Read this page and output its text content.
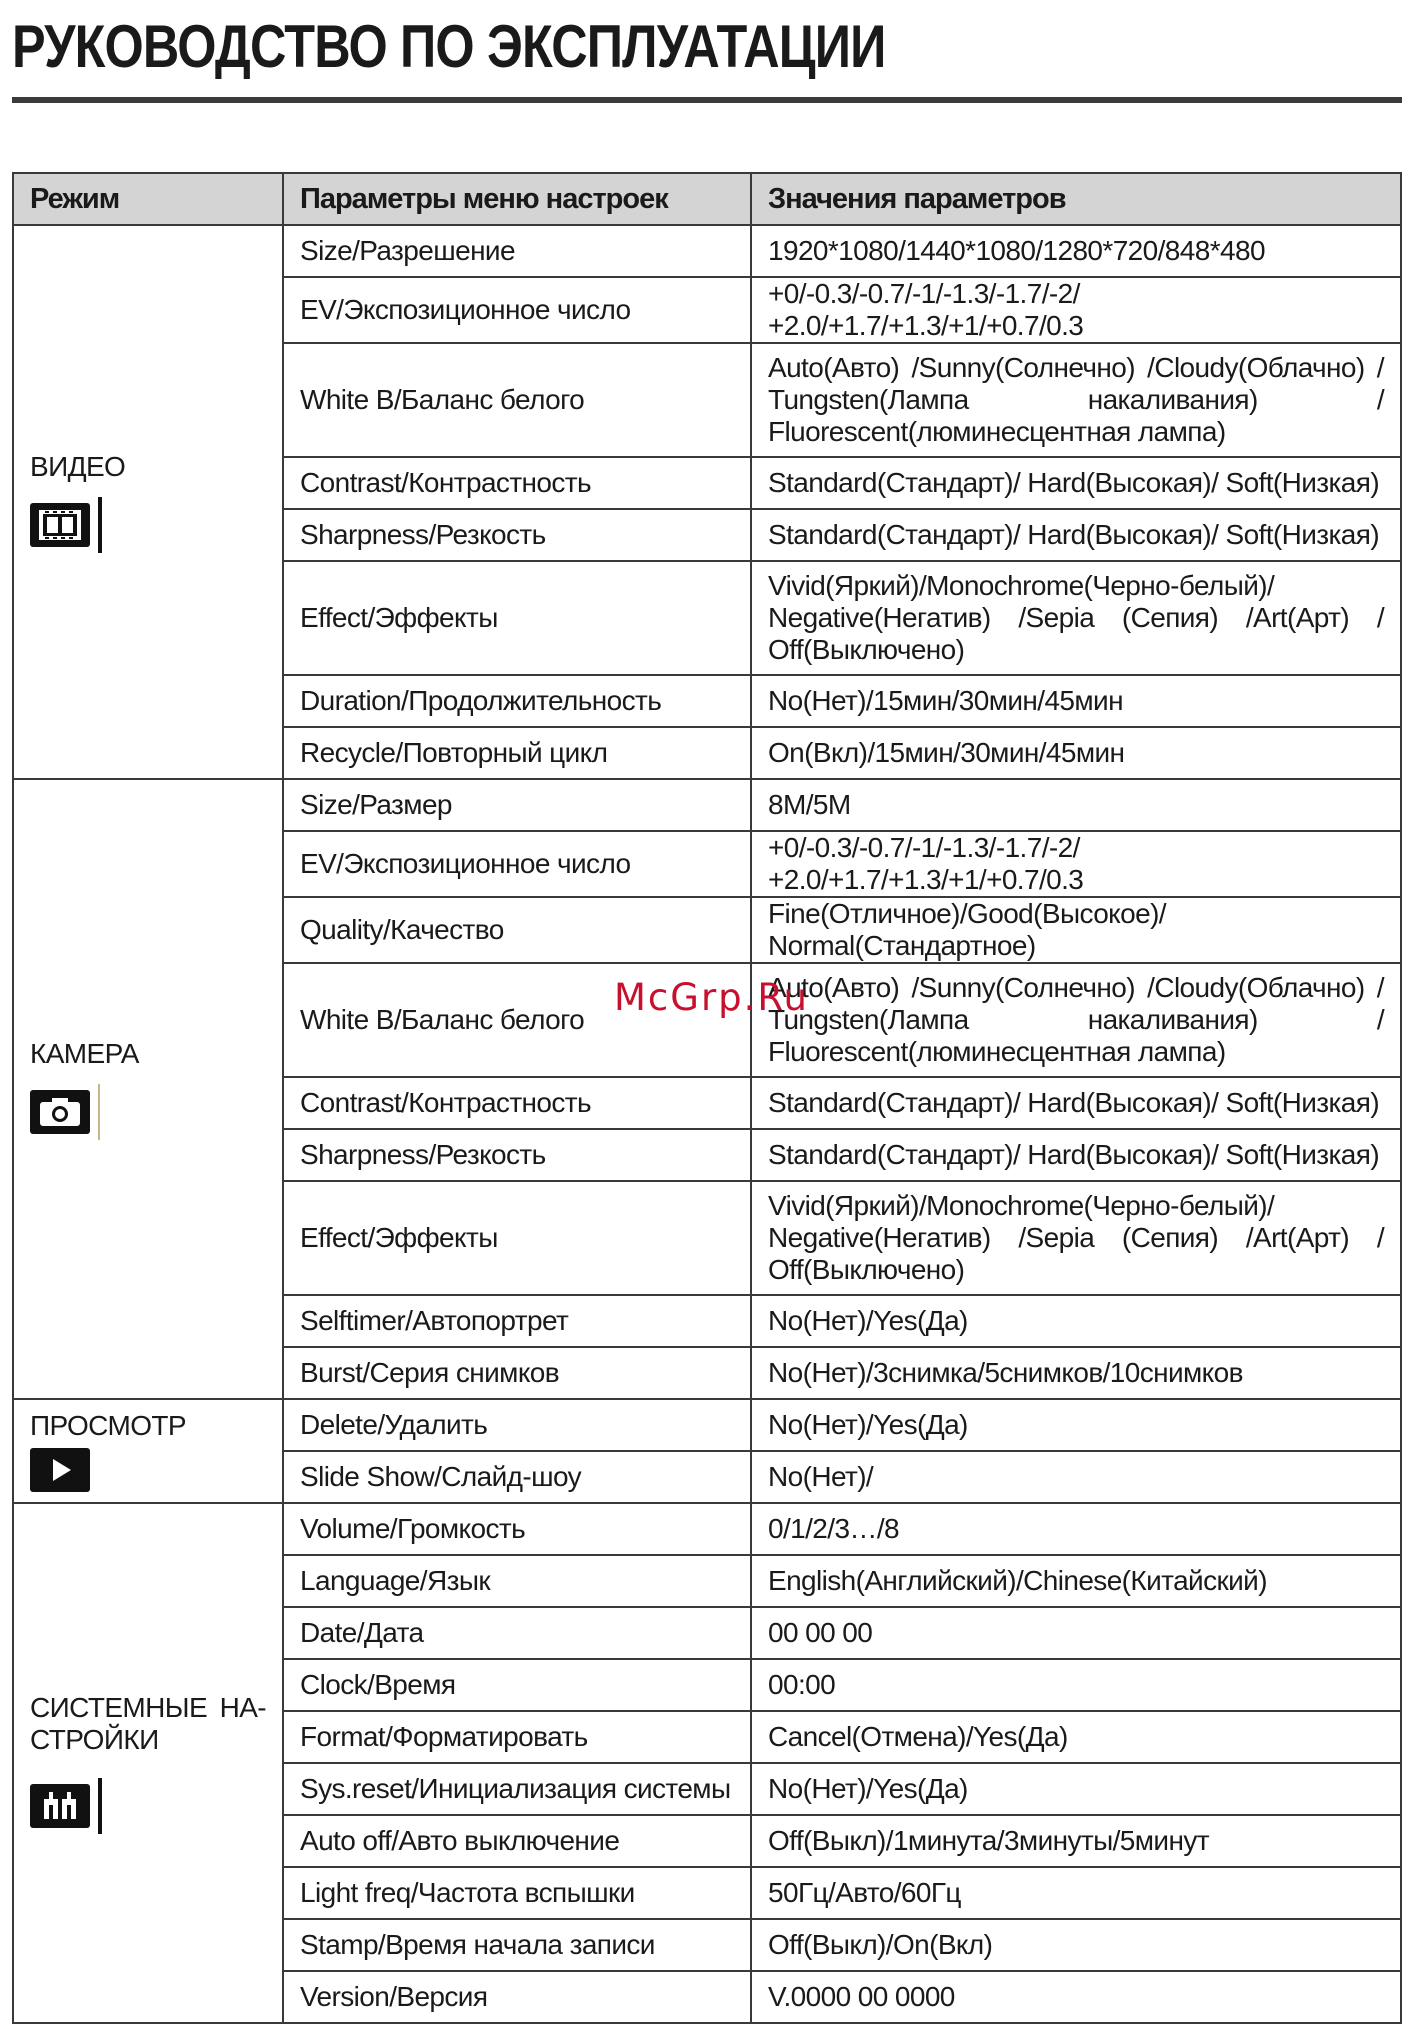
РУКОВОДСТВО ПО ЭКСПЛУАТАЦИИ
Режим	Параметры меню настроек	Значения параметров

ВИДЕО	Size/Разрешение	1920*1080/1440*1080/1280*720/848*480
	EV/Экспозиционное число	+0/-0.3/-0.7/-1/-1.3/-1.7/-2/ +2.0/+1.7/+1.3/+1/+0.7/0.3
	White B/Баланс белого	Auto(Авто) /Sunny(Солнечно) /Cloudy(Облачно) / Tungsten(Лампа накаливания) / Fluorescent(люминесцентная лампа)
	Contrast/Контрастность	Standard(Стандарт)/ Hard(Высокая)/ Soft(Низкая)
	Sharpness/Резкость	Standard(Стандарт)/ Hard(Высокая)/ Soft(Низкая)
	Effect/Эффекты	Vivid(Яркий)/Monochrome(Черно-белый)/ Negative(Негатив) /Sepia (Сепия) /Art(Арт) / Off(Выключено)
	Duration/Продолжительность	No(Нет)/15мин/30мин/45мин
	Recycle/Повторный цикл	On(Вкл)/15мин/30мин/45мин

КАМЕРА	Size/Размер	8M/5M
	EV/Экспозиционное число	+0/-0.3/-0.7/-1/-1.3/-1.7/-2/ +2.0/+1.7/+1.3/+1/+0.7/0.3
	Quality/Качество	Fine(Отличное)/Good(Высокое)/ Normal(Стандартное)
	White B/Баланс белого	Auto(Авто) /Sunny(Солнечно) /Cloudy(Облачно) / Tungsten(Лампа накаливания) / Fluorescent(люминесцентная лампа)
	Contrast/Контрастность	Standard(Стандарт)/ Hard(Высокая)/ Soft(Низкая)
	Sharpness/Резкость	Standard(Стандарт)/ Hard(Высокая)/ Soft(Низкая)
	Effect/Эффекты	Vivid(Яркий)/Monochrome(Черно-белый)/ Negative(Негатив) /Sepia (Сепия) /Art(Арт) / Off(Выключено)
	Selftimer/Автопортрет	No(Нет)/Yes(Да)
	Burst/Серия снимков	No(Нет)/3снимка/5снимков/10снимков

ПРОСМОТР	Delete/Удалить	No(Нет)/Yes(Да)
	Slide Show/Слайд-шоу	No(Нет)/

СИСТЕМНЫЕ НА-
СТРОЙКИ	Volume/Громкость	0/1/2/3…/8
	Language/Язык	English(Английский)/Chinese(Китайский)
	Date/Дата	00 00 00
	Clock/Время	00:00
	Format/Форматировать	Cancel(Отмена)/Yes(Да)
	Sys.reset/Инициализация системы	No(Нет)/Yes(Да)
	Auto off/Авто выключение	Off(Выкл)/1минута/3минуты/5минут
	Light freq/Частота вспышки	50Гц/Авто/60Гц
	Stamp/Время начала записи	Off(Выкл)/On(Вкл)
	Version/Версия	V.0000 00 0000
McGrp.Ru
